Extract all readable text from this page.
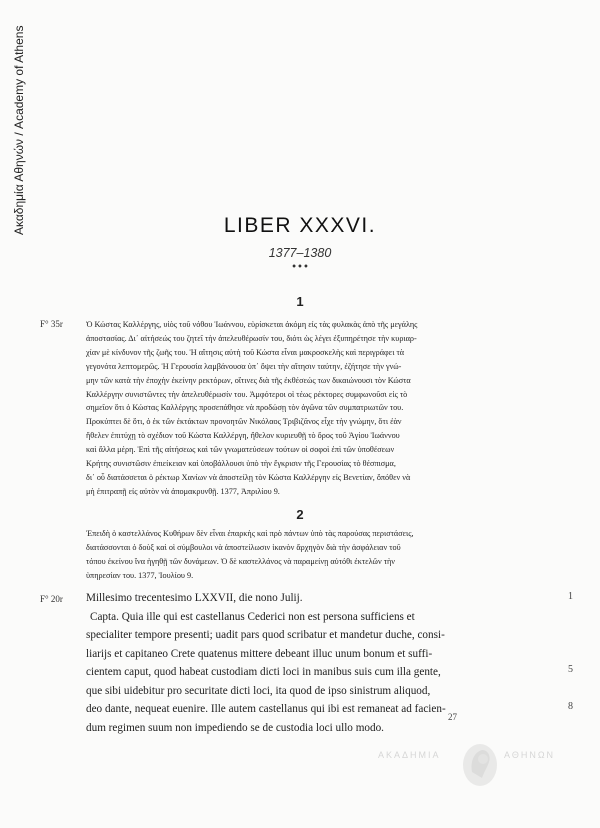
Ακαδημία Αθηνών / Academy of Athens	LIBER XXXVI.
1377–1380
•••
1
F° 35r	Ὁ Κώστας Καλλέργης, υἱὸς τοῦ νόθου Ἰωάννου, εὑρίσκεται ἀκόμη εἰς τὰς φυλακὰς ἀπὸ τῆς μεγάλης
ἀποστασίας. Δι᾽ αἰτήσεώς του ζητεῖ τὴν ἀπελευθέρωσίν του, διότι ὡς λέγει ἐξυπηρέτησε τὴν κυριαρ-
χίαν μὲ κίνδυνον τῆς ζωῆς του. Ἡ αἴτησις αὐτὴ τοῦ Κώστα εἶναι μακροσκελὴς καὶ περιγράφει τὰ
γεγονότα λεπτομερῶς. Ἡ Γερουσία λαμβάνουσα ὑπ᾽ ὄψει τὴν αἴτησιν ταύτην, ἐζήτησε τὴν γνώ-
μην τῶν κατὰ τὴν ἐποχὴν ἐκείνην ρεκτόρων, οἵτινες διὰ τῆς ἐκθέσεώς των δικαιώνουσι τὸν Κώστα
Καλλέργην συνιστῶντες τὴν ἀπελευθέρωσίν του. Ἀμφότεροι οἱ τέως ρέκτορες συμφωνοῦσι εἰς τὸ
σημεῖον ὅτι ὁ Κώστας Καλλέργης προσεπάθησε νὰ προδώσῃ τὸν ἀγῶνα τῶν συμπατριωτῶν του.
Προκύπτει δὲ ὅτι, ὁ ἐκ τῶν ἐκτάκτων προνοητῶν Νικόλαος Τριβιζᾶνος εἶχε τὴν γνώμην, ὅτι ἐὰν
ἤθελεν ἐπιτύχῃ τὸ σχέδιον τοῦ Κώστα Καλλέργη, ἤθελον κυριευθῇ τὸ ὄρος τοῦ Ἁγίου Ἰωάννου
καὶ ἄλλα μέρη. Ἐπὶ τῆς αἰτήσεως καὶ τῶν γνωματεύσεων τούτων οἱ σοφοὶ ἐπὶ τῶν ὑποθέσεων
Κρήτης συνιστῶσιν ἐπιείκειαν καὶ ὑποβάλλουσι ὑπὸ τὴν ἔγκρισιν τῆς Γερουσίας τὸ θέσπισμα,
δι᾽ οὗ διατάσσεται ὁ ρέκτωρ Χανίων νὰ ἀποστείλῃ τὸν Κώστα Καλλέργην εἰς Βενετίαν, ὅπόθεν νὰ
μὴ ἐπιτραπῇ εἰς αὐτὸν νὰ ἀπομακρυνθῇ. 1377, Ἀπριλίου 9.
2
Ἐπειδὴ ὁ καστελλάνος Κυθήρων δὲν εἶναι ἐπαρκὴς καὶ πρὸ πάντων ὑπὸ τὰς παρούσας περιστάσεις,
διατάσσονται ὁ δοὺξ καὶ οἱ σύμβουλοι νὰ ἀποστείλωσιν ἱκανὸν ἄρχηγὸν διὰ τὴν ἀσφάλειαν τοῦ
τόπου ἐκείνου ἵνα ἡγηθῇ τῶν δυνάμεων. Ὁ δὲ καστελλάνος νὰ παραμείνῃ αὐτόθι ἐκτελῶν τὴν
ὑπηρεσίαν του. 1377, Ἰουλίου 9.
F° 20r Millesimo trecentesimo LXXVII, die nono Julij.
Capta. Quia ille qui est castellanus Cederici non est persona sufficiens et
specialiter tempore presenti; uadit pars quod scribatur et mandetur duche, consi-
liarijs et capitaneo Crete quatenus mittere debeant illuc unum bonum et suffi-
cientem caput, quod habeat custodiam dicti loci in manibus suis cum illa gente,
que sibi uidebitur pro securitate dicti loci, ita quod de ipso sinistrum aliquod,
deo dante, nequeat euenire. Ille autem castellanus qui ibi est remaneat ad facien-
dum regimen suum non impediendo se de custodia loci ullo modo.
1
5
8
27
ΑΚΑΔΗΜΙΑ	ΑΘΗΝΩΝ
